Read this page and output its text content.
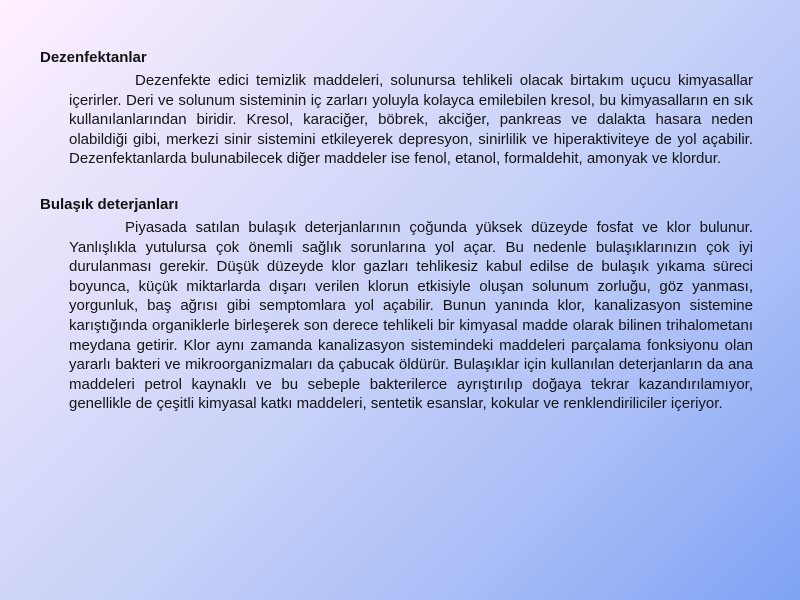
Dezenfektanlar

Dezenfekte edici temizlik maddeleri, solunursa tehlikeli olacak birtakım uçucu kimyasallar içerirler. Deri ve solunum sisteminin iç zarları yoluyla kolayca emilebilen kresol, bu kimyasalların en sık kullanılanlarından biridir. Kresol, karaciğer, böbrek, akciğer, pankreas ve dalakta hasara neden olabildiği gibi, merkezi sinir sistemini etkileyerek depresyon, sinirlilik ve hiperaktiviteye de yol açabilir. Dezenfektanlarda bulunabilecek diğer maddeler ise fenol, etanol, formaldehit, amonyak ve klordur.

Bulaşık deterjanları

Piyasada satılan bulaşık deterjanlarının çoğunda yüksek düzeyde fosfat ve klor bulunur. Yanlışlıkla yutulursa çok önemli sağlık sorunlarına yol açar. Bu nedenle bulaşıklarınızın çok iyi durulanması gerekir. Düşük düzeyde klor gazları tehlikesiz kabul edilse de bulaşık yıkama süreci boyunca, küçük miktarlarda dışarı verilen klorun etkisiyle oluşan solunum zorluğu, göz yanması, yorgunluk, baş ağrısı gibi semptomlara yol açabilir. Bunun yanında klor, kanalizasyon sistemine karıştığında organiklerle birleşerek son derece tehlikeli bir kimyasal madde olarak bilinen trihalometanı meydana getirir. Klor aynı zamanda kanalizasyon sistemindeki maddeleri parçalama fonksiyonu olan yararlı bakteri ve mikroorganizmaları da çabucak öldürür. Bulaşıklar için kullanılan deterjanların da ana maddeleri petrol kaynaklı ve bu sebeple bakterilerce ayrıştırılıp doğaya tekrar kazandırılamıyor, genellikle de çeşitli kimyasal katkı maddeleri, sentetik esanslar, kokular ve renklendiriliciler içeriyor.
